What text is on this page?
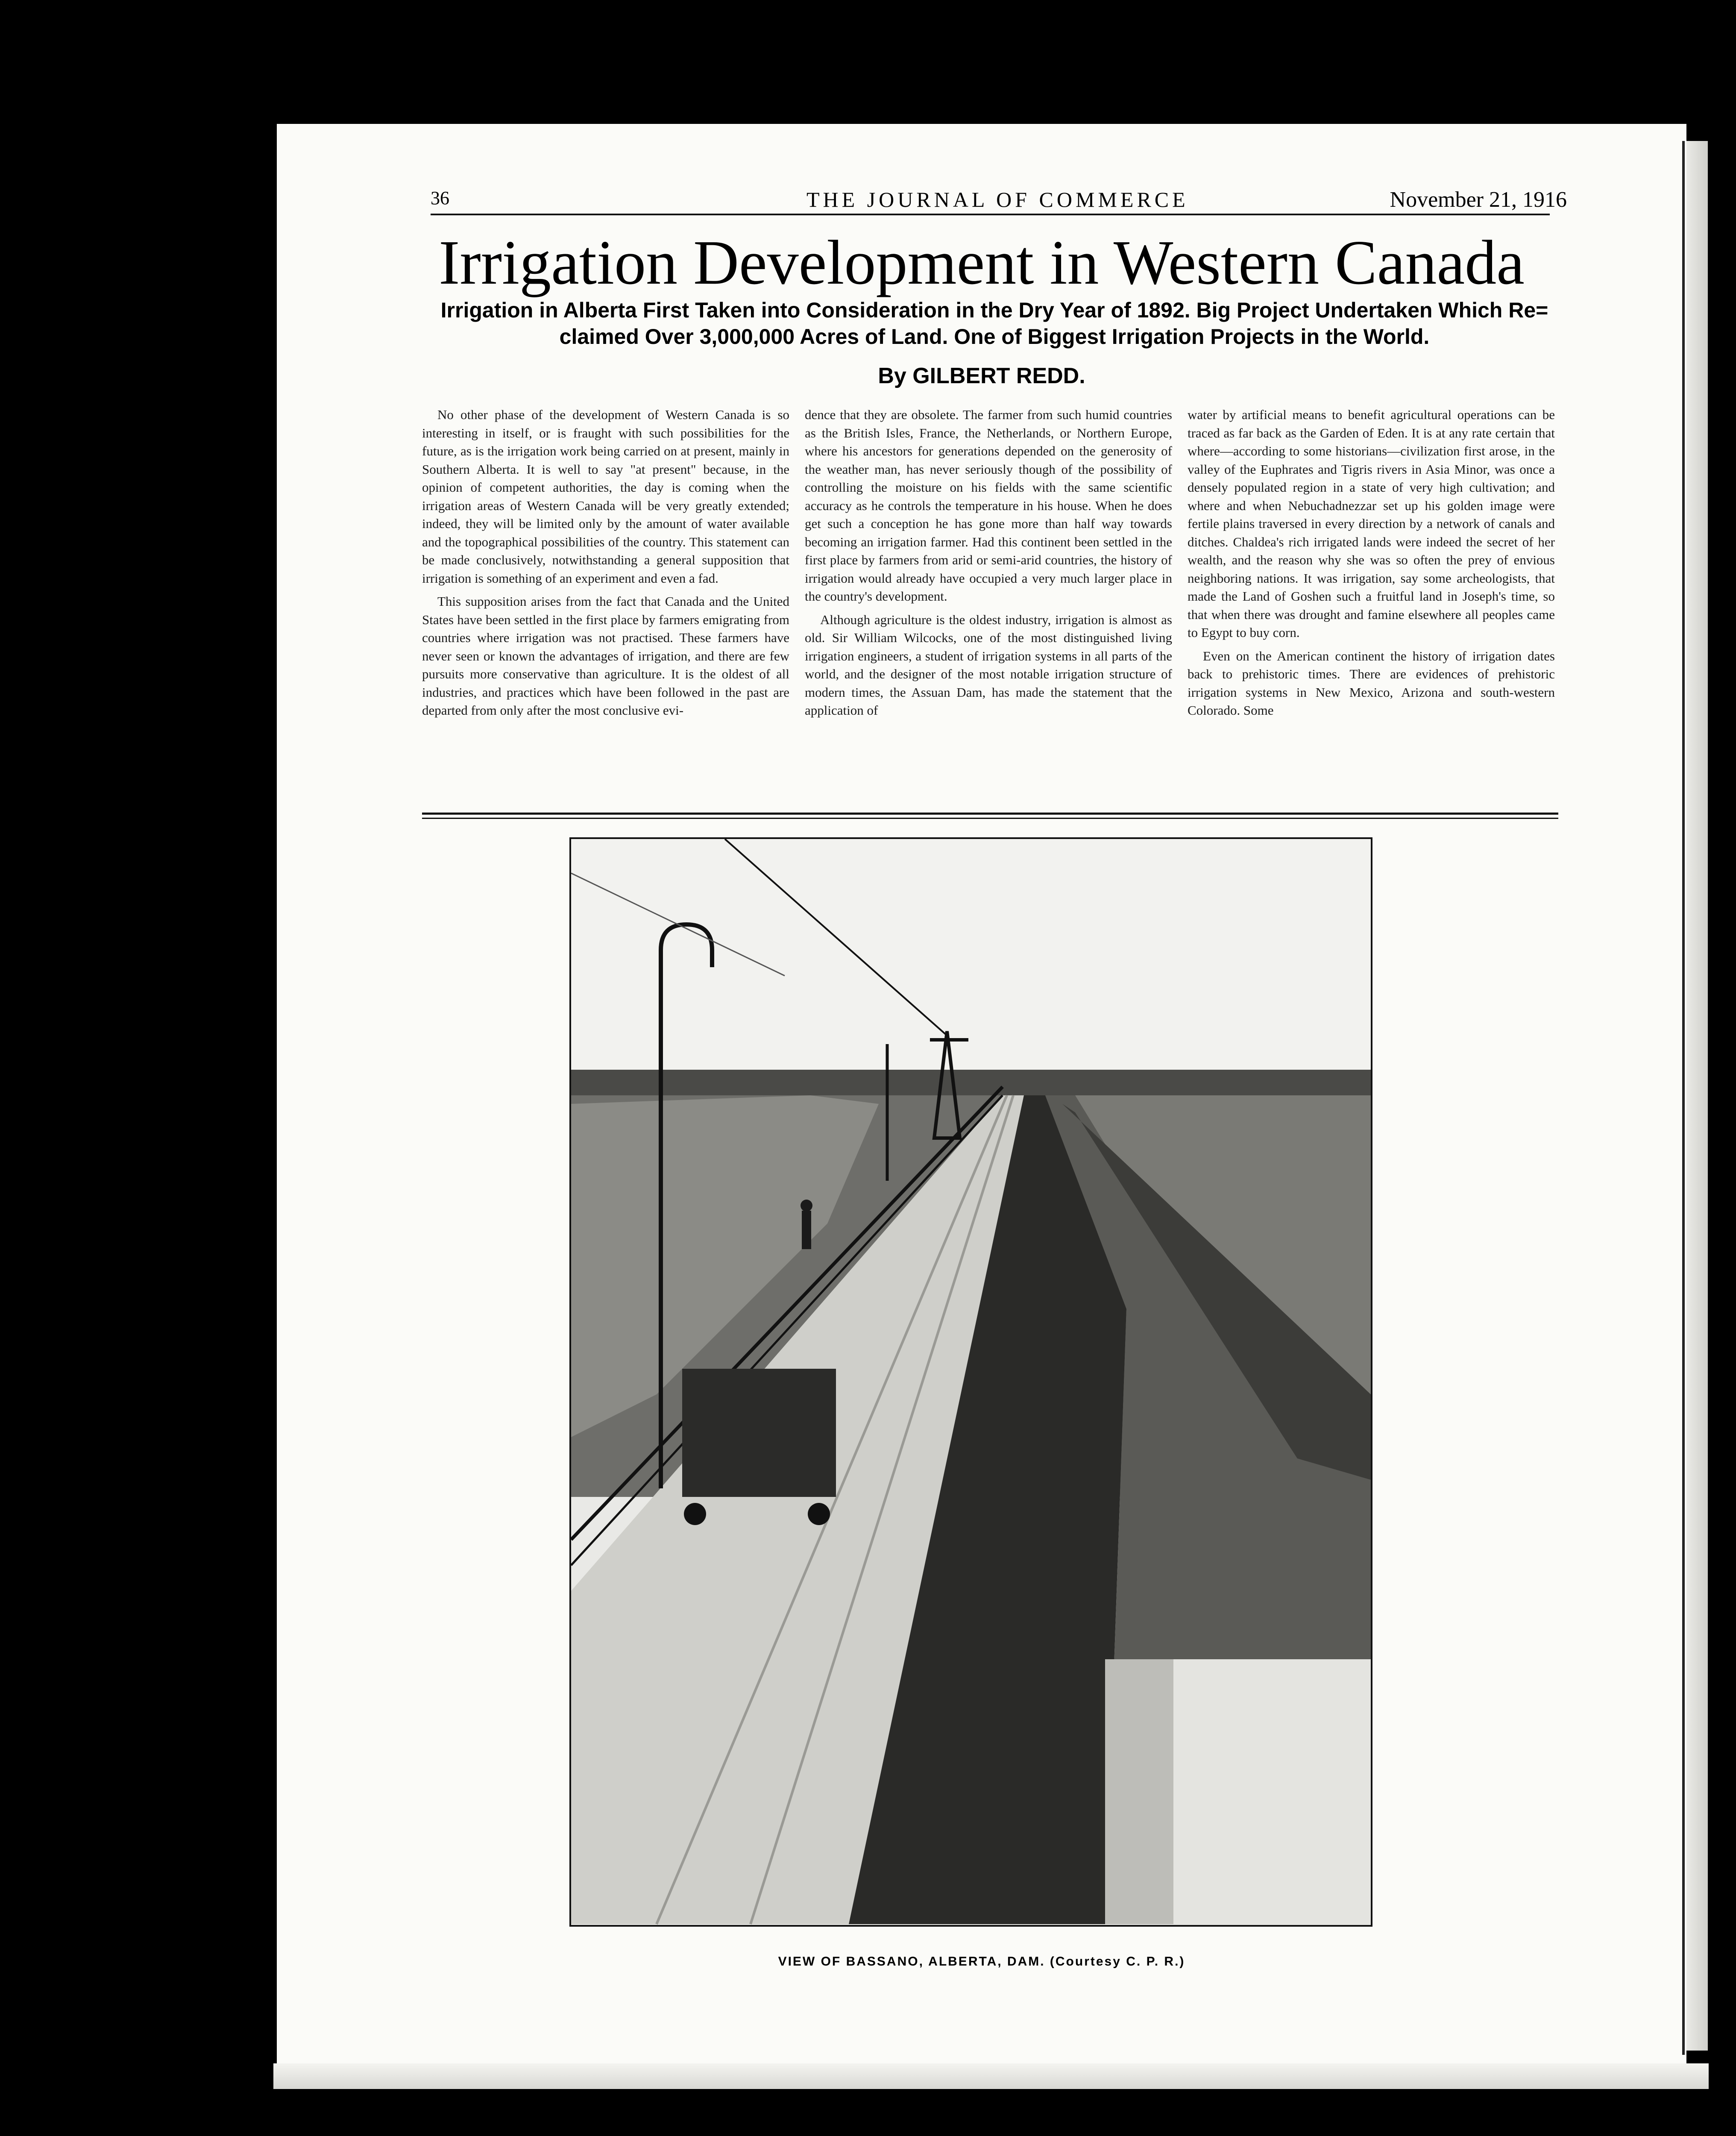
36	THE JOURNAL OF COMMERCE	November 21, 1916
Irrigation Development in Western Canada

Irrigation in Alberta First Taken into Consideration in the Dry Year of 1892. Big Project Undertaken Which Re= claimed Over 3,000,000 Acres of Land. One of Biggest Irrigation Projects in the World.

By GILBERT REDD.

No other phase of the development of Western Canada is so interesting in itself, or is fraught with such possibilities for the future, as is the irrigation work being carried on at present, mainly in Southern Alberta. It is well to say "at present" because, in the opinion of competent authorities, the day is coming when the irrigation areas of Western Canada will be very greatly extended; indeed, they will be limited only by the amount of water available and the topographical possibilities of the country. This statement can be made conclusively, notwithstanding a general supposition that irrigation is something of an experiment and even a fad.

This supposition arises from the fact that Canada and the United States have been settled in the first place by farmers emigrating from countries where irrigation was not practised. These farmers have never seen or known the advantages of irrigation, and there are few pursuits more conservative than agriculture. It is the oldest of all industries, and practices which have been followed in the past are departed from only after the most conclusive evi-

dence that they are obsolete. The farmer from such humid countries as the British Isles, France, the Netherlands, or Northern Europe, where his ancestors for generations depended on the generosity of the weather man, has never seriously though of the possibility of controlling the moisture on his fields with the same scientific accuracy as he controls the temperature in his house. When he does get such a conception he has gone more than half way towards becoming an irrigation farmer. Had this continent been settled in the first place by farmers from arid or semi-arid countries, the history of irrigation would already have occupied a very much larger place in the country's development.

Although agriculture is the oldest industry, irrigation is almost as old. Sir William Wilcocks, one of the most distinguished living irrigation engineers, a student of irrigation systems in all parts of the world, and the designer of the most notable irrigation structure of modern times, the Assuan Dam, has made the statement that the application of

water by artificial means to benefit agricultural operations can be traced as far back as the Garden of Eden. It is at any rate certain that where—according to some historians—civilization first arose, in the valley of the Euphrates and Tigris rivers in Asia Minor, was once a densely populated region in a state of very high cultivation; and where and when Nebuchadnezzar set up his golden image were fertile plains traversed in every direction by a network of canals and ditches. Chaldea's rich irrigated lands were indeed the secret of her wealth, and the reason why she was so often the prey of envious neighboring nations. It was irrigation, say some archeologists, that made the Land of Goshen such a fruitful land in Joseph's time, so that when there was drought and famine elsewhere all peoples came to Egypt to buy corn.

Even on the American continent the history of irrigation dates back to prehistoric times. There are evidences of prehistoric irrigation systems in New Mexico, Arizona and south-western Colorado. Some

VIEW OF BASSANO, ALBERTA, DAM. (Courtesy C. P. R.)
